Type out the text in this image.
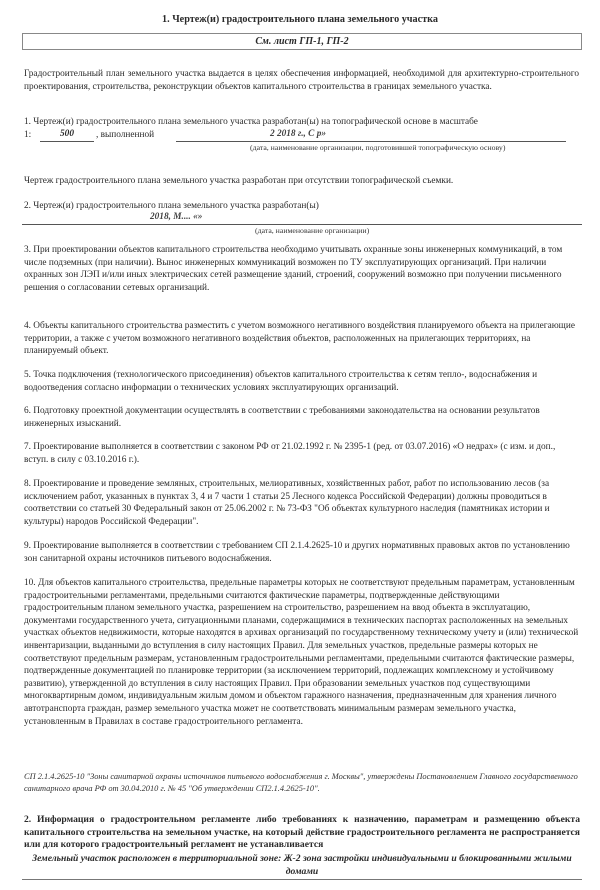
1. Чертеж(и) градостроительного плана земельного участка
См. лист ГП-1, ГП-2
Градостроительный план земельного участка выдается в целях обеспечения информацией, необходимой для архитектурно-строительного проектирования, строительства, реконструкции объектов капитального строительства в границах земельного участка.
1. Чертеж(и) градостроительного плана земельного участка разработан(ы) на топографической основе в масштабе
1:	500	, выполненной	2 2018 г., С р»
(дата, наименование организации, подготовившей топографическую основу)
Чертеж градостроительного плана земельного участка разработан при отсутствии топографической съемки.
2. Чертеж(и) градостроительного плана земельного участка разработан(ы)
2018, ‌М.... «»
(дата, наименование организации)
3. При проектировании объектов капитального строительства необходимо учитывать охранные зоны инженерных коммуникаций, в том числе подземных (при наличии). Вынос инженерных коммуникаций возможен по ТУ эксплуатирующих организаций. При наличии охранных зон ЛЭП и/или иных электрических сетей размещение зданий, строений, сооружений возможно при получении письменного решения о согласовании сетевых организаций.
4. Объекты капитального строительства разместить с учетом возможного негативного воздействия планируемого объекта на прилегающие территории, а также с учетом возможного негативного воздействия объектов, расположенных на прилегающих территориях, на планируемый объект.
5. Точка подключения (технологического присоединения) объектов капитального строительства к сетям тепло-, водоснабжения и водоотведения согласно информации о технических условиях эксплуатирующих организаций.
6. Подготовку проектной документации осуществлять в соответствии с требованиями законодательства на основании результатов инженерных изысканий.
7. Проектирование выполняется в соответствии с законом РФ от 21.02.1992 г. № 2395-1 (ред. от 03.07.2016) «О недрах» (с изм. и доп., вступ. в силу с 03.10.2016 г.).
8. Проектирование и проведение земляных, строительных, мелиоративных, хозяйственных работ, работ по использованию лесов (за исключением работ, указанных в пунктах 3, 4 и 7 части 1 статьи 25 Лесного кодекса Российской Федерации) должны проводиться в соответствии со статьей 30 Федеральный закон от 25.06.2002 г. № 73-ФЗ "Об объектах культурного наследия (памятниках истории и культуры) народов Российской Федерации".
9. Проектирование выполняется в соответствии с требованием СП 2.1.4.2625-10 и других нормативных правовых актов по установлению зон санитарной охраны источников питьевого водоснабжения.
10. Для объектов капитального строительства, предельные параметры которых не соответствуют предельным параметрам, установленным градостроительными регламентами, предельными считаются фактические параметры, подтвержденные действующими градостроительным планом земельного участка, разрешением на строительство, разрешением на ввод объекта в эксплуатацию, документами государственного учета, ситуационными планами, содержащимися в технических паспортах расположенных на земельных участках объектов недвижимости, которые находятся в архивах организаций по государственному техническому учету и (или) технической инвентаризации, выданными до вступления в силу настоящих Правил. Для земельных участков, предельные размеры которых не соответствуют предельным размерам, установленным градостроительными регламентами, предельными считаются фактические размеры, подтвержденные документацией по планировке территории (за исключением территорий, подлежащих комплексному и устойчивому развитию), утвержденной до вступления в силу настоящих Правил. При образовании земельных участков под существующими многоквартирным домом, индивидуальным жилым домом и объектом гаражного назначения, предназначенным для хранения личного автотранспорта граждан, размер земельного участка может не соответствовать минимальным размерам земельного участка, установленным в Правилах в составе градостроительного регламента.
СП 2.1.4.2625-10 "Зоны санитарной охраны источников питьевого водоснабжения г. Москвы", утверждены Постановлением Главного государственного санитарного врача РФ от 30.04.2010 г. № 45 "Об утверждении СП2.1.4.2625-10".
2. Информация о градостроительном регламенте либо требованиях к назначению, параметрам и размещению объекта капитального строительства на земельном участке, на который действие градостроительного регламента не распространяется или для которого градостроительный регламент не устанавливается
Земельный участок расположен в территориальной зоне: Ж-2 зона застройки индивидуальными и блокированными жилыми домами
